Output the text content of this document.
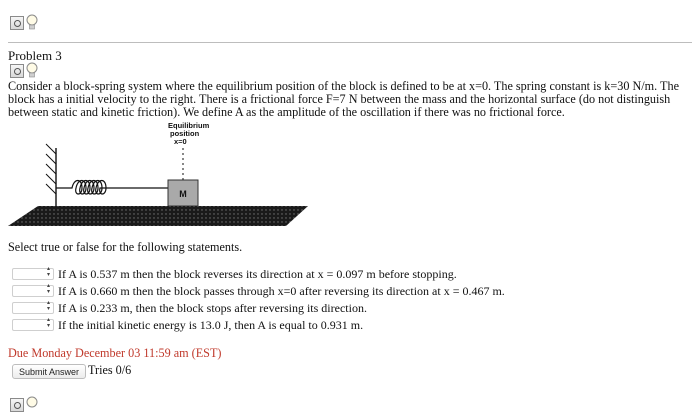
Problem 3

Consider a block-spring system where the equilibrium position of the block is defined to be at x=0. The spring constant is k=30 N/m. The block has a initial velocity to the right. There is a frictional force F=7 N between the mass and the horizontal surface (do not distinguish between static and kinetic friction). We define A as the amplitude of the oscillation if there was no frictional force.

M
Equilibrium
position
x=0
Select true or false for the following statements.
▴ ▾
If A is 0.537 m then the block reverses its direction at x = 0.097 m before stopping.
▴ ▾
If A is 0.660 m then the block passes through x=0 after reversing its direction at x = 0.467 m.
▴ ▾
If A is 0.233 m, then the block stops after reversing its direction.
▴ ▾
If the initial kinetic energy is 13.0 J, then A is equal to 0.931 m.
Due Monday December 03 11:59 am (EST)
Submit Answer Tries 0/6
